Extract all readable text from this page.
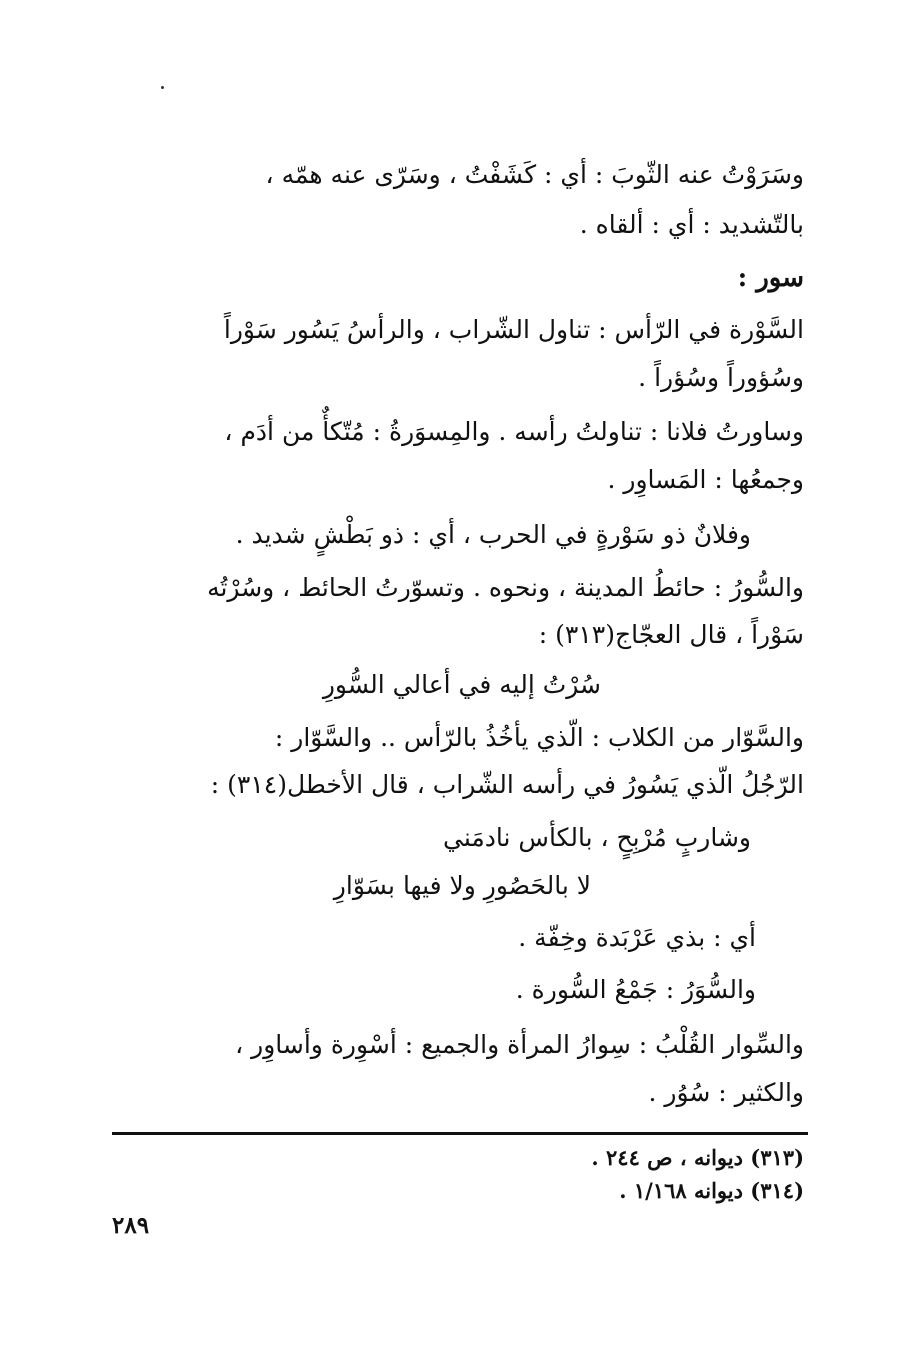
وسَرَوْتُ عنه الثّوبَ : أي : كَشَفْتُ ، وسَرّى عنه همّه ،
بالتّشديد : أي : ألقاه .
سور :
السَّوْرة في الرّأس : تناول الشّراب ، والرأسُ يَسُور سَوْراً
وسُؤوراً وسُؤراً .
وساورتُ فلانا : تناولتُ رأسه . والمِسوَرةُ : مُتّكأٌ من أدَم ،
وجمعُها : المَساوِر .
وفلانٌ ذو سَوْرةٍ في الحرب ، أي : ذو بَطْشٍ شديد .
والسُّورُ : حائطُ المدينة ، ونحوه . وتسوّرتُ الحائط ، وسُرْتُه
سَوْراً ، قال العجّاج(٣١٣) :
سُرْتُ إليه في أعالي السُّورِ
والسَّوّار من الكلاب : الّذي يأخُذُ بالرّأس .. والسَّوّار :
الرّجُلُ الّذي يَسُورُ في رأسه الشّراب ، قال الأخطل(٣١٤) :
وشاربٍ مُرْبِحٍ ، بالكأس نادمَني
لا بالحَصُورِ ولا فيها بسَوّارِ
أي : بذي عَرْبَدة وخِفّة .
والسُّوَرُ : جَمْعُ السُّورة .
والسِّوار القُلْبُ : سِوارُ المرأة والجميع : أسْوِرة وأساوِر ،
والكثير : سُوُر .
(٣١٣) ديوانه ، ص ٢٤٤ .
(٣١٤) ديوانه ١/١٦٨ .
٢٨٩
